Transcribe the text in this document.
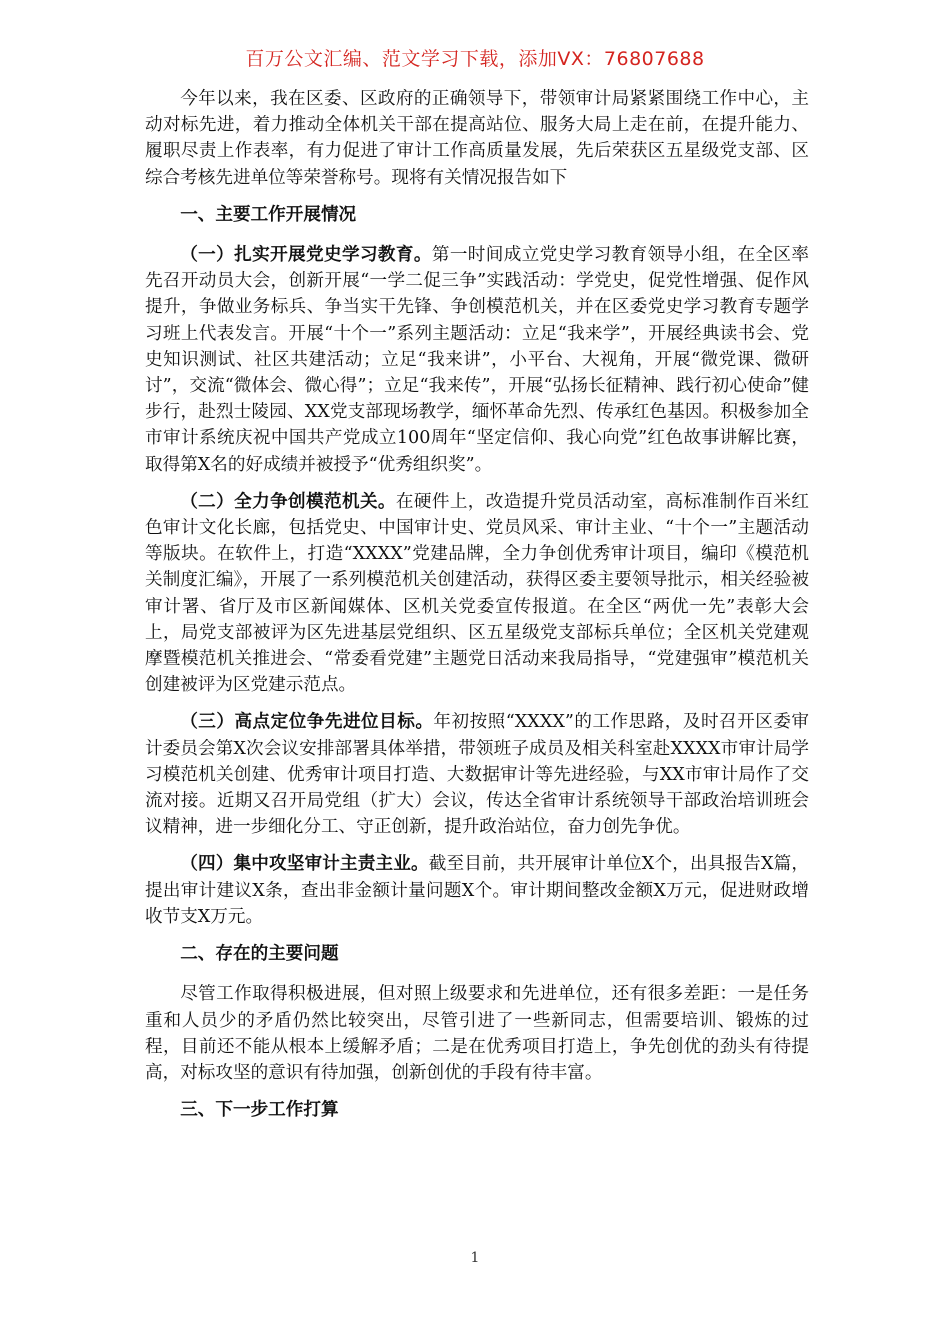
百万公文汇编、范文学习下载，添加VX：76807688

今年以来，我在区委、区政府的正确领导下，带领审计局紧紧围绕工作中心，主动对标先进，着力推动全体机关干部在提高站位、服务大局上走在前，在提升能力、履职尽责上作表率，有力促进了审计工作高质量发展，先后荣获区五星级党支部、区综合考核先进单位等荣誉称号。现将有关情况报告如下

一、主要工作开展情况

（一）扎实开展党史学习教育。第一时间成立党史学习教育领导小组，在全区率先召开动员大会，创新开展“一学二促三争”实践活动：学党史，促党性增强、促作风提升，争做业务标兵、争当实干先锋、争创模范机关，并在区委党史学习教育专题学习班上代表发言。开展“十个一”系列主题活动：立足“我来学”，开展经典读书会、党史知识测试、社区共建活动；立足“我来讲”，小平台、大视角，开展“微党课、微研讨”，交流“微体会、微心得”；立足“我来传”，开展“弘扬长征精神、践行初心使命”健步行，赴烈士陵园、XX党支部现场教学，缅怀革命先烈、传承红色基因。积极参加全市审计系统庆祝中国共产党成立100周年“坚定信仰、我心向党”红色故事讲解比赛，取得第X名的好成绩并被授予“优秀组织奖”。

（二）全力争创模范机关。在硬件上，改造提升党员活动室，高标准制作百米红色审计文化长廊，包括党史、中国审计史、党员风采、审计主业、“十个一”主题活动等版块。在软件上，打造“XXXX”党建品牌，全力争创优秀审计项目，编印《模范机关制度汇编》，开展了一系列模范机关创建活动，获得区委主要领导批示，相关经验被审计署、省厅及市区新闻媒体、区机关党委宣传报道。在全区“两优一先”表彰大会上，局党支部被评为区先进基层党组织、区五星级党支部标兵单位；全区机关党建观摩暨模范机关推进会、“常委看党建”主题党日活动来我局指导，“党建强审”模范机关创建被评为区党建示范点。

（三）高点定位争先进位目标。年初按照“XXXX”的工作思路，及时召开区委审计委员会第X次会议安排部署具体举措，带领班子成员及相关科室赴XXXX市审计局学习模范机关创建、优秀审计项目打造、大数据审计等先进经验，与XX市审计局作了交流对接。近期又召开局党组（扩大）会议，传达全省审计系统领导干部政治培训班会议精神，进一步细化分工、守正创新，提升政治站位，奋力创先争优。

（四）集中攻坚审计主责主业。截至目前，共开展审计单位X个，出具报告X篇，提出审计建议X条，查出非金额计量问题X个。审计期间整改金额X万元，促进财政增收节支X万元。

二、存在的主要问题

尽管工作取得积极进展，但对照上级要求和先进单位，还有很多差距：一是任务重和人员少的矛盾仍然比较突出，尽管引进了一些新同志，但需要培训、锻炼的过程，目前还不能从根本上缓解矛盾；二是在优秀项目打造上，争先创优的劲头有待提高，对标攻坚的意识有待加强，创新创优的手段有待丰富。

三、下一步工作打算

1
